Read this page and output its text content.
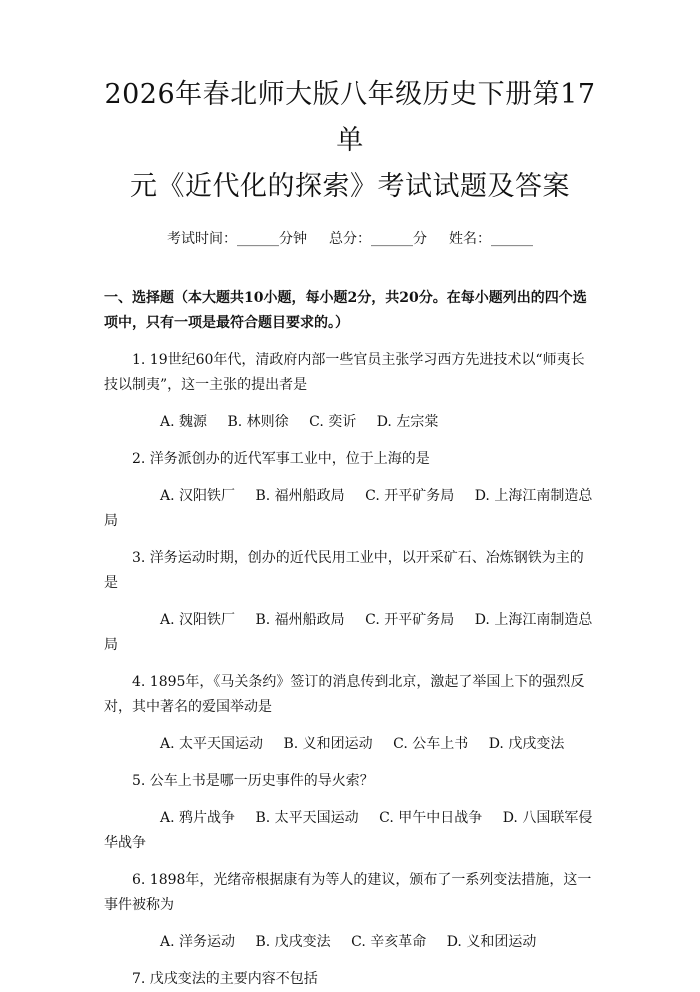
2026年春北师大版八年级历史下册第17单
元《近代化的探索》考试试题及答案
考试时间：______分钟 总分：______分 姓名：______
一、选择题（本大题共10小题，每小题2分，共20分。在每小题列出的四个选项中，只有一项是最符合题目要求的。）
1. 19世纪60年代，清政府内部一些官员主张学习西方先进技术以“师夷长技以制夷”，这一主张的提出者是
A. 魏源 B. 林则徐 C. 奕䜣 D. 左宗棠
2. 洋务派创办的近代军事工业中，位于上海的是
A. 汉阳铁厂 B. 福州船政局 C. 开平矿务局 D. 上海江南制造总局
3. 洋务运动时期，创办的近代民用工业中，以开采矿石、冶炼钢铁为主的是
A. 汉阳铁厂 B. 福州船政局 C. 开平矿务局 D. 上海江南制造总局
4. 1895年，《马关条约》签订的消息传到北京，激起了举国上下的强烈反对，其中著名的爱国举动是
A. 太平天国运动 B. 义和团运动 C. 公车上书 D. 戊戌变法
5. 公车上书是哪一历史事件的导火索？
A. 鸦片战争 B. 太平天国运动 C. 甲午中日战争 D. 八国联军侵华战争
6. 1898年，光绪帝根据康有为等人的建议，颁布了一系列变法措施，这一事件被称为
A. 洋务运动 B. 戊戌变法 C. 辛亥革命 D. 义和团运动
7. 戊戌变法的主要内容不包括
